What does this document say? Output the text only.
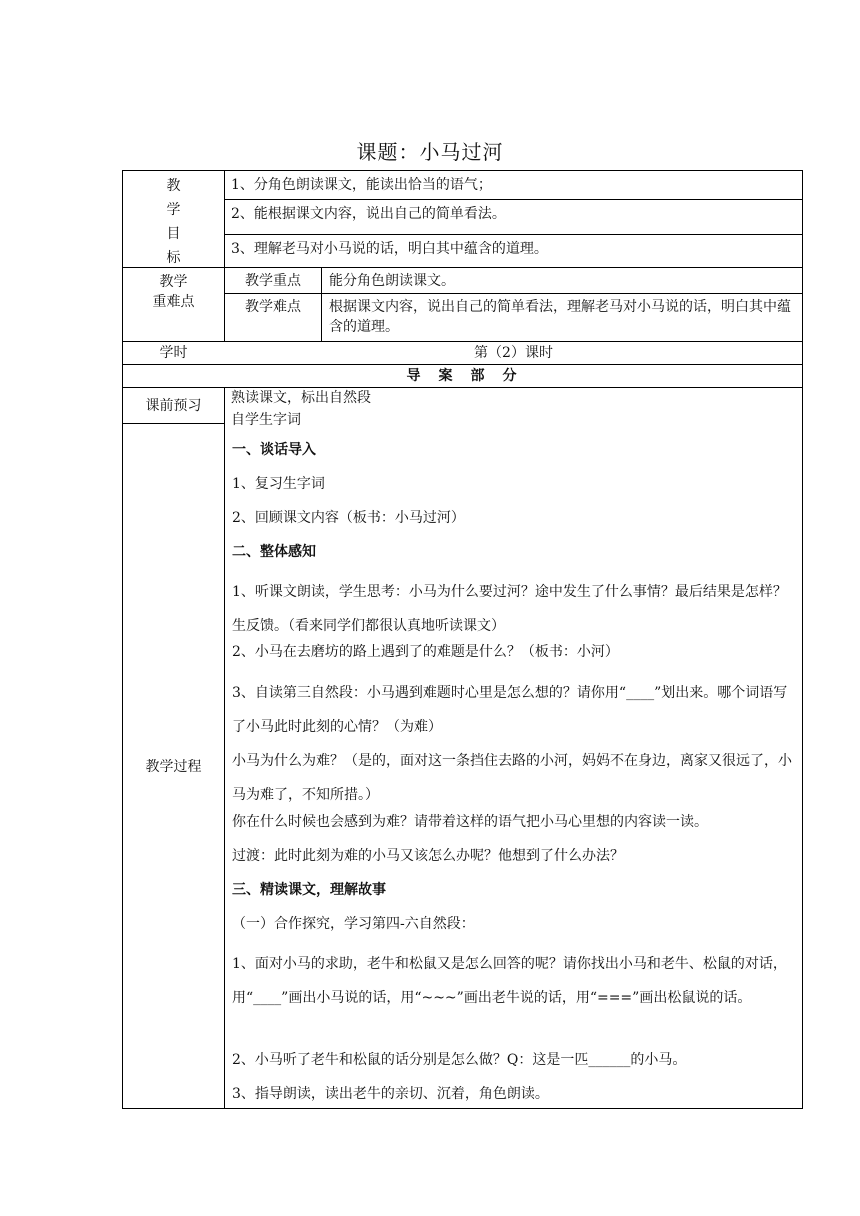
课题：小马过河
教
学
目
标
1、分角色朗读课文，能读出恰当的语气；
2、能根据课文内容，说出自己的简单看法。
3、理解老马对小马说的话，明白其中蕴含的道理。
教学
重难点
教学重点	能分角色朗读课文。
教学难点	根据课文内容，说出自己的简单看法，理解老马对小马说的话，明白其中蕴含的道理。
学时	第（2）课时
导　案　部　分
课前预习	熟读课文，标出自然段
自学生字词
教学过程
一、谈话导入
1、复习生字词
2、回顾课文内容（板书：小马过河）
二、整体感知
1、听课文朗读，学生思考：小马为什么要过河？途中发生了什么事情？最后结果是怎样？生反馈。（看来同学们都很认真地听读课文）
2、小马在去磨坊的路上遇到了的难题是什么？（板书：小河）
3、自读第三自然段：小马遇到难题时心里是怎么想的？请你用“____”划出来。哪个词语写了小马此时此刻的心情？（为难）
小马为什么为难？（是的，面对这一条挡住去路的小河，妈妈不在身边，离家又很远了，小马为难了，不知所措。）
你在什么时候也会感到为难？请带着这样的语气把小马心里想的内容读一读。
过渡：此时此刻为难的小马又该怎么办呢？他想到了什么办法？
三、精读课文，理解故事
（一）合作探究，学习第四-六自然段：
1、面对小马的求助，老牛和松鼠又是怎么回答的呢？请你找出小马和老牛、松鼠的对话，用“____”画出小马说的话，用“~~~”画出老牛说的话，用“===”画出松鼠说的话。
2、小马听了老牛和松鼠的话分别是怎么做？Q：这是一匹______的小马。
3、指导朗读，读出老牛的亲切、沉着，角色朗读。
